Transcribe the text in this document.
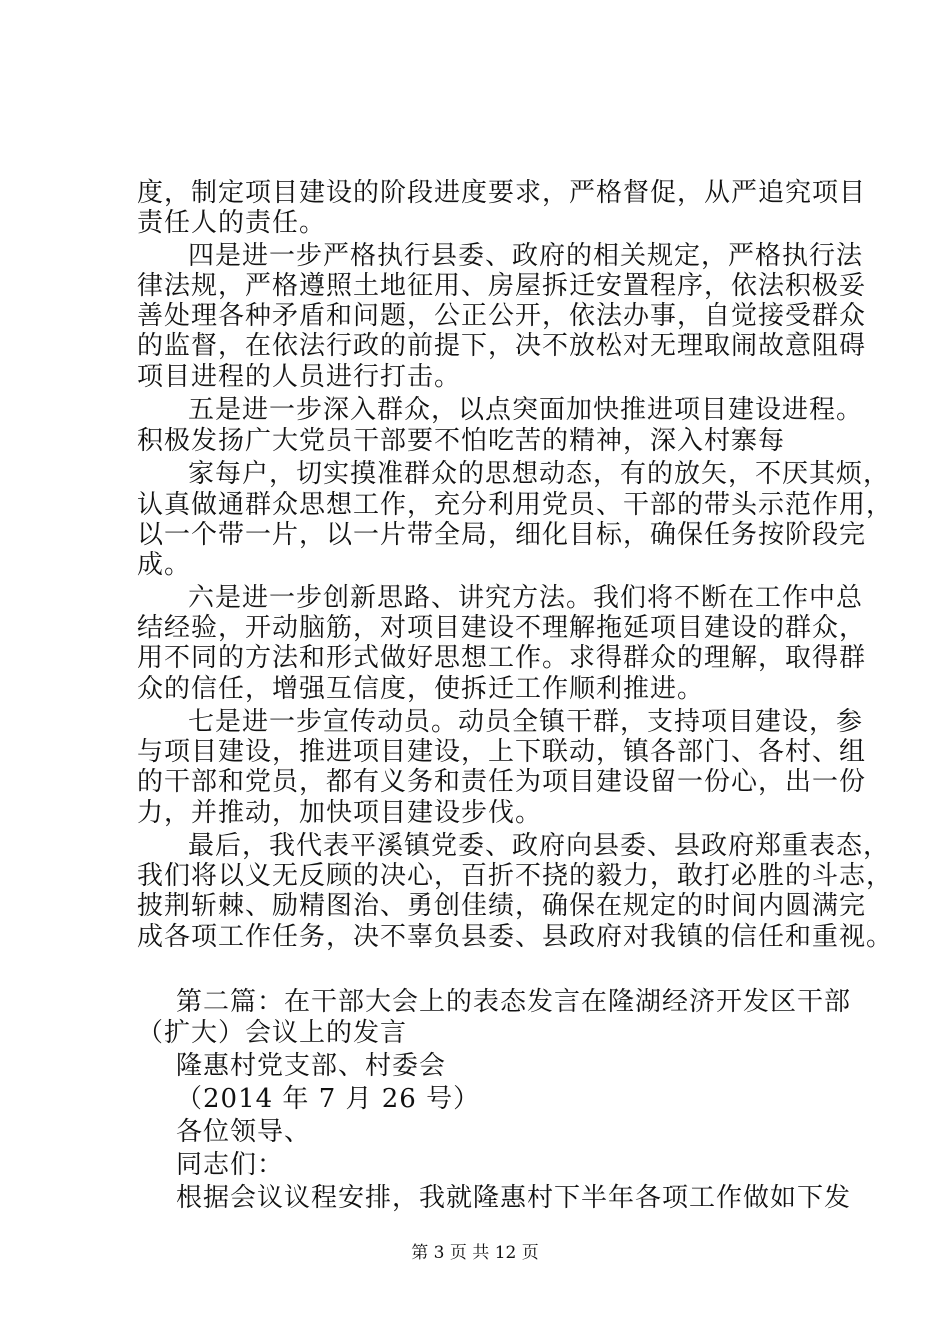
度，制定项目建设的阶段进度要求，严格督促，从严追究项目
责任人的责任。
四是进一步严格执行县委、政府的相关规定，严格执行法
律法规，严格遵照土地征用、房屋拆迁安置程序，依法积极妥
善处理各种矛盾和问题，公正公开，依法办事，自觉接受群众
的监督，在依法行政的前提下，决不放松对无理取闹故意阻碍
项目进程的人员进行打击。
五是进一步深入群众，以点突面加快推进项目建设进程。
积极发扬广大党员干部要不怕吃苦的精神，深入村寨每
家每户，切实摸准群众的思想动态，有的放矢，不厌其烦，
认真做通群众思想工作，充分利用党员、干部的带头示范作用，
以一个带一片，以一片带全局，细化目标，确保任务按阶段完
成。
六是进一步创新思路、讲究方法。我们将不断在工作中总
结经验，开动脑筋，对项目建设不理解拖延项目建设的群众，
用不同的方法和形式做好思想工作。求得群众的理解，取得群
众的信任，增强互信度，使拆迁工作顺利推进。
七是进一步宣传动员。动员全镇干群，支持项目建设，参
与项目建设，推进项目建设，上下联动，镇各部门、各村、组
的干部和党员，都有义务和责任为项目建设留一份心，出一份
力，并推动，加快项目建设步伐。
最后，我代表平溪镇党委、政府向县委、县政府郑重表态，
我们将以义无反顾的决心，百折不挠的毅力，敢打必胜的斗志，
披荆斩棘、励精图治、勇创佳绩，确保在规定的时间内圆满完
成各项工作任务，决不辜负县委、县政府对我镇的信任和重视。
第二篇：在干部大会上的表态发言在隆湖经济开发区干部
（扩大）会议上的发言
隆惠村党支部、村委会
（2014 年 7 月 26 号）
各位领导、
同志们：
根据会议议程安排，我就隆惠村下半年各项工作做如下发
第 3 页 共 12 页
